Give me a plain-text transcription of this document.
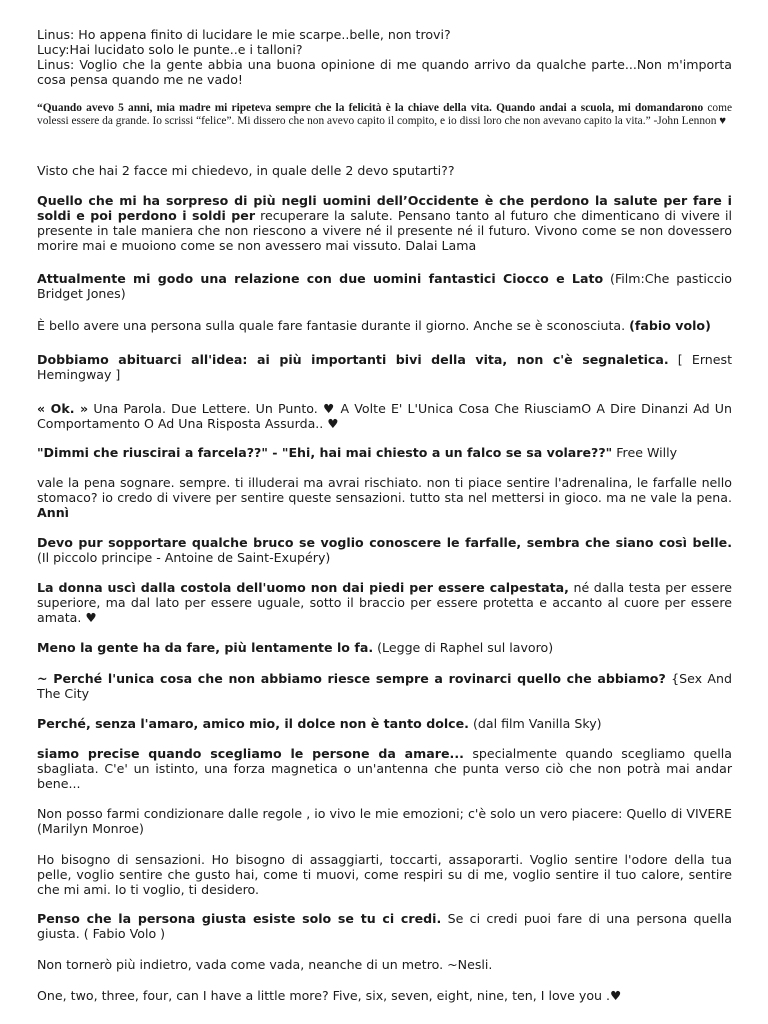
Linus: Ho appena finito di lucidare le mie scarpe..belle, non trovi?
Lucy:Hai lucidato solo le punte..e i talloni?
Linus: Voglio che la gente abbia una buona opinione di me quando arrivo da qualche parte...Non m'importa cosa pensa quando me ne vado!
“Quando avevo 5 anni, mia madre mi ripeteva sempre che la felicità è la chiave della vita. Quando andai a scuola, mi domandarono come volessi essere da grande. Io scrissi “felice”. Mi dissero che non avevo capito il compito, e io dissi loro che non avevano capito la vita.” -John Lennon ♥
Visto che hai 2 facce mi chiedevo, in quale delle 2 devo sputarti??
Quello che mi ha sorpreso di più negli uomini dell’Occidente è che perdono la salute per fare i soldi e poi perdono i soldi per recuperare la salute. Pensano tanto al futuro che dimenticano di vivere il presente in tale maniera che non riescono a vivere né il presente né il futuro. Vivono come se non dovessero morire mai e muoiono come se non avessero mai vissuto. Dalai Lama
Attualmente mi godo una relazione con due uomini fantastici Ciocco e Lato (Film:Che pasticcio Bridget Jones)
È bello avere una persona sulla quale fare fantasie durante il giorno. Anche se è sconosciuta. (fabio volo)
Dobbiamo abituarci all'idea: ai più importanti bivi della vita, non c'è segnaletica. [ Ernest Hemingway ]
« Ok. » Una Parola. Due Lettere. Un Punto. ♥ A Volte E' L'Unica Cosa Che RiusciamO A Dire Dinanzi Ad Un Comportamento O Ad Una Risposta Assurda.. ♥
"Dimmi che riuscirai a farcela??" - "Ehi, hai mai chiesto a un falco se sa volare??" Free Willy
vale la pena sognare. sempre. ti illuderai ma avrai rischiato. non ti piace sentire l'adrenalina, le farfalle nello stomaco? io credo di vivere per sentire queste sensazioni. tutto sta nel mettersi in gioco. ma ne vale la pena. Annì
Devo pur sopportare qualche bruco se voglio conoscere le farfalle, sembra che siano così belle. (Il piccolo principe - Antoine de Saint-Exupéry)
La donna uscì dalla costola dell'uomo non dai piedi per essere calpestata, né dalla testa per essere superiore, ma dal lato per essere uguale, sotto il braccio per essere protetta e accanto al cuore per essere amata. ♥
Meno la gente ha da fare, più lentamente lo fa. (Legge di Raphel sul lavoro)
~ Perché l'unica cosa che non abbiamo riesce sempre a rovinarci quello che abbiamo? {Sex And The City
Perché, senza l'amaro, amico mio, il dolce non è tanto dolce. (dal film Vanilla Sky)
siamo precise quando scegliamo le persone da amare... specialmente quando scegliamo quella sbagliata. C'e' un istinto, una forza magnetica o un'antenna che punta verso ciò che non potrà mai andar bene...
Non posso farmi condizionare dalle regole , io vivo le mie emozioni; c'è solo un vero piacere: Quello di VIVERE (Marilyn Monroe)
Ho bisogno di sensazioni. Ho bisogno di assaggiarti, toccarti, assaporarti. Voglio sentire l'odore della tua pelle, voglio sentire che gusto hai, come ti muovi, come respiri su di me, voglio sentire il tuo calore, sentire che mi ami. Io ti voglio, ti desidero.
Penso che la persona giusta esiste solo se tu ci credi. Se ci credi puoi fare di una persona quella giusta. ( Fabio Volo )
Non tornerò più indietro, vada come vada, neanche di un metro. ~Nesli.
One, two, three, four, can I have a little more? Five, six, seven, eight, nine, ten, I love you .♥
